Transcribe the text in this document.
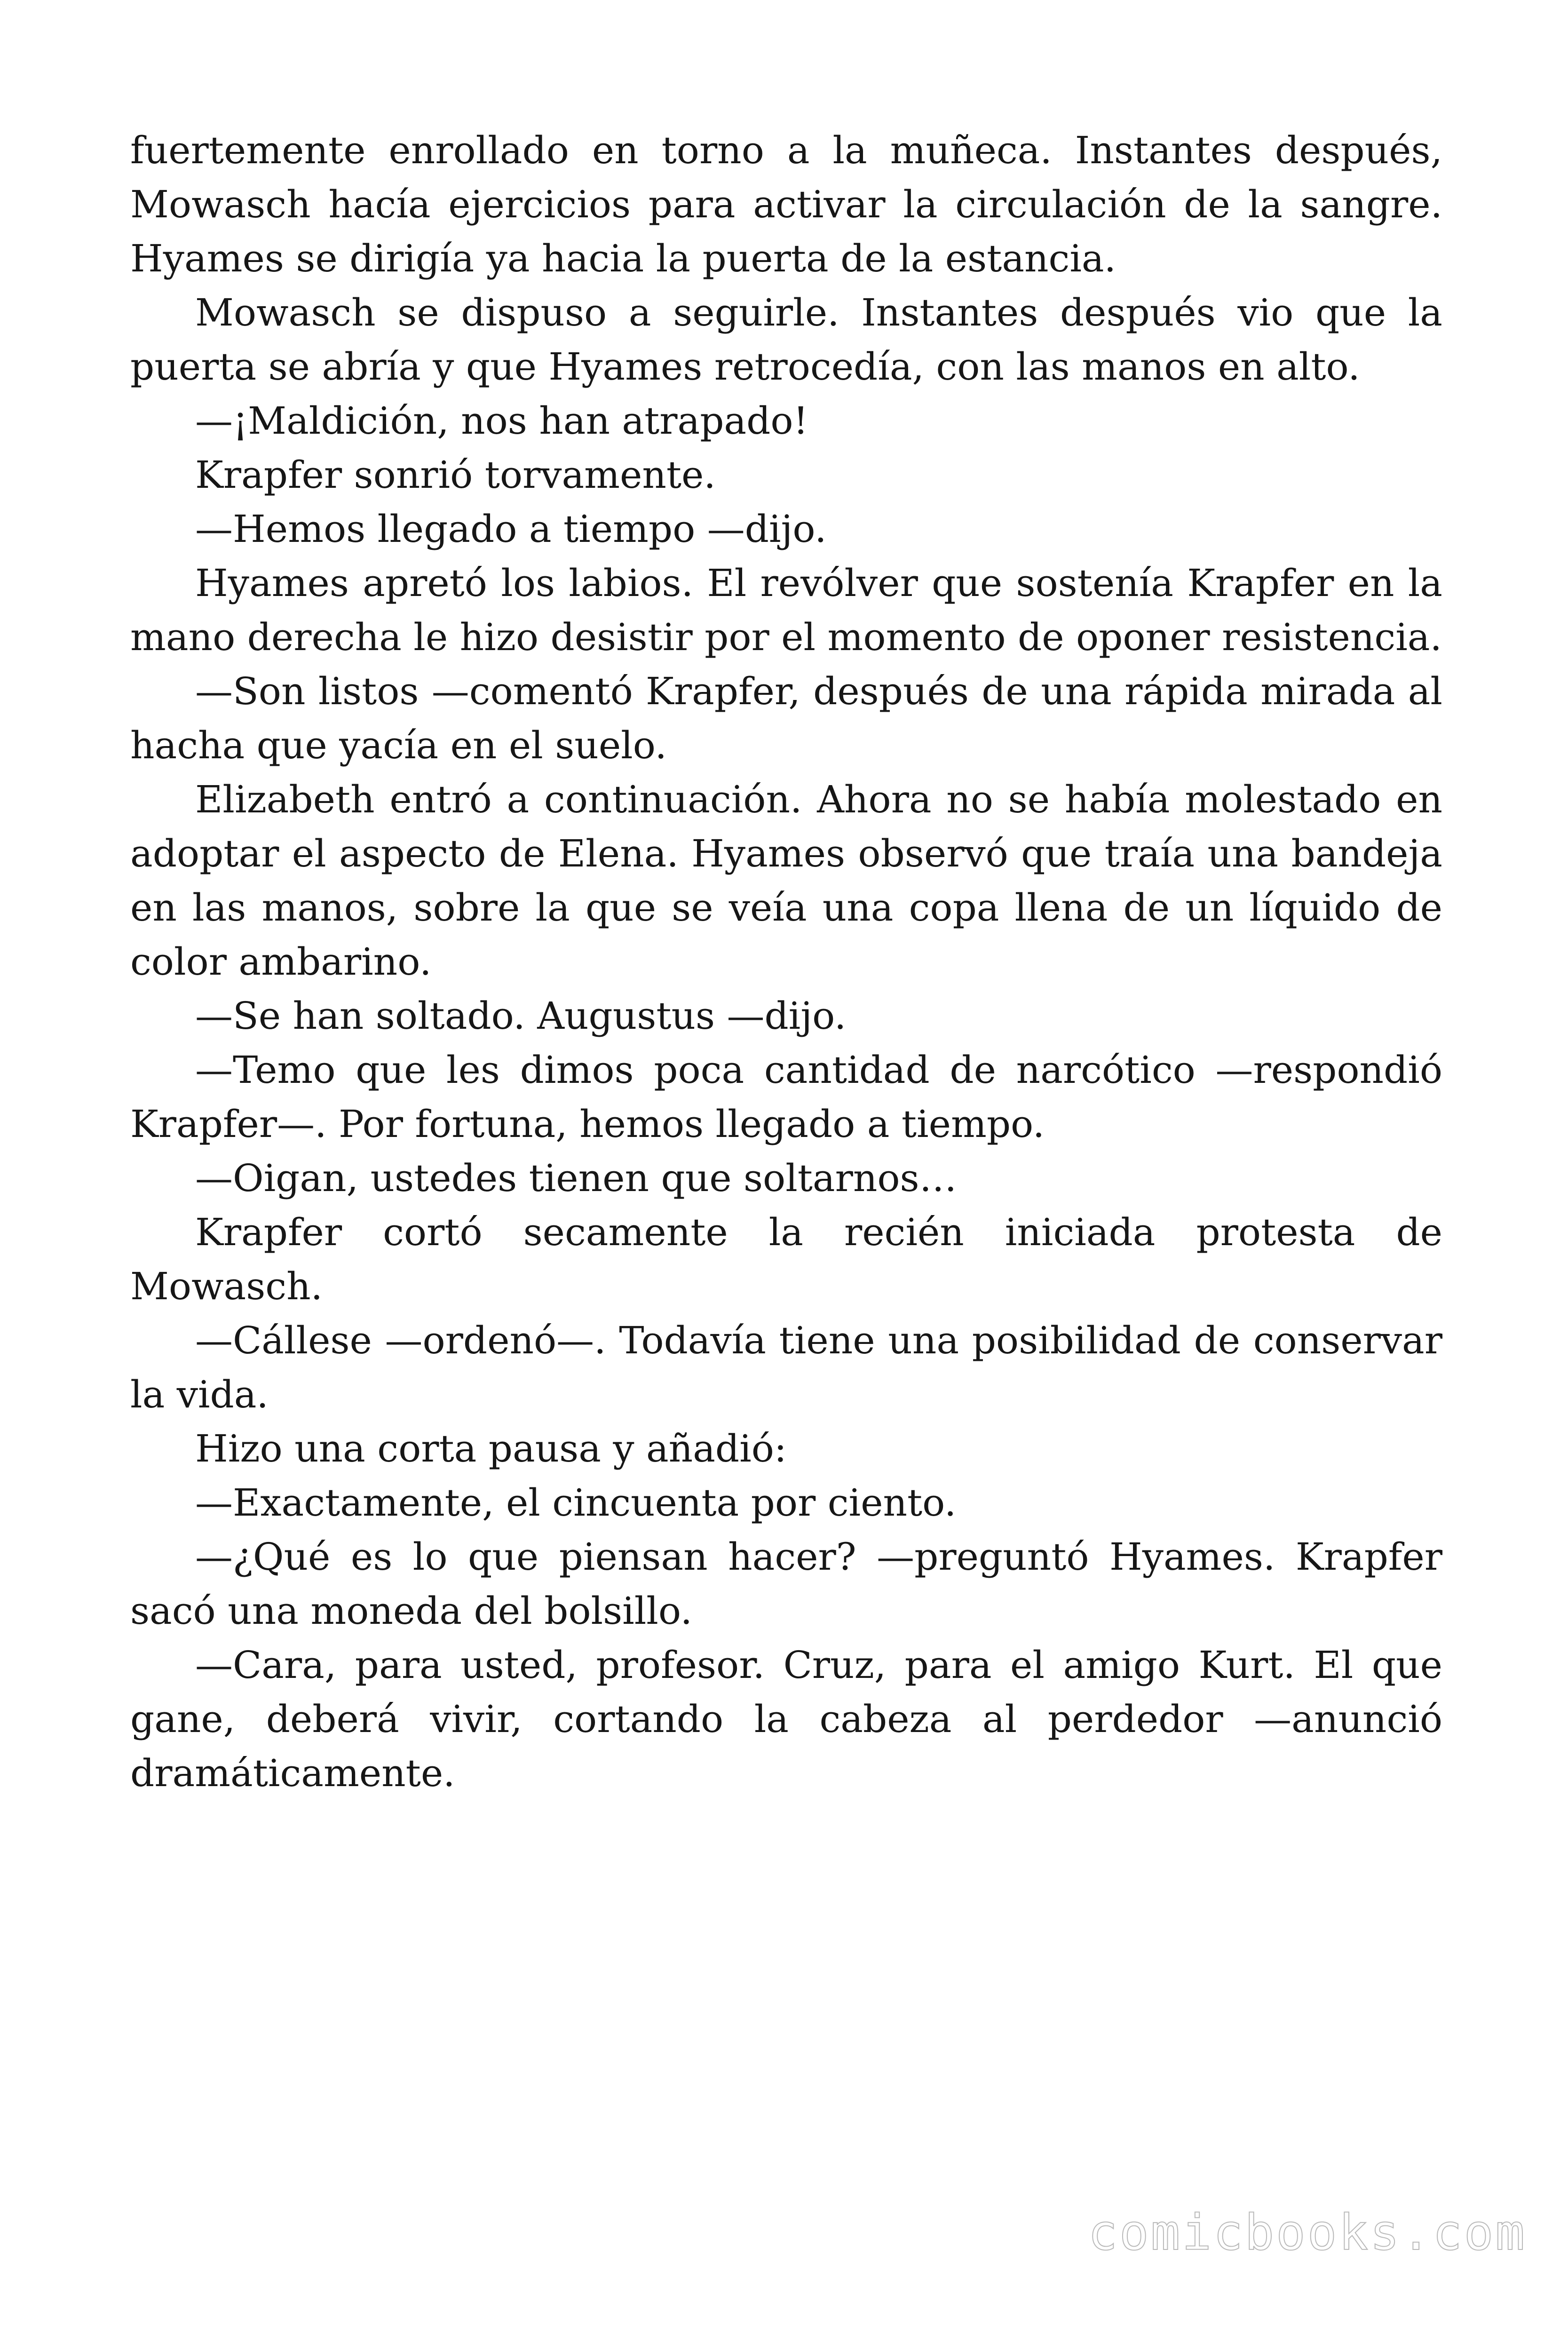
fuertemente enrollado en torno a la muñeca. Instantes después, Mowasch hacía ejercicios para activar la circulación de la sangre. Hyames se dirigía ya hacia la puerta de la estancia.

Mowasch se dispuso a seguirle. Instantes después vio que la puerta se abría y que Hyames retrocedía, con las manos en alto.

—¡Maldición, nos han atrapado!

Krapfer sonrió torvamente.

—Hemos llegado a tiempo —dijo.

Hyames apretó los labios. El revólver que sostenía Krapfer en la mano derecha le hizo desistir por el momento de oponer resistencia.

—Son listos —comentó Krapfer, después de una rápida mirada al hacha que yacía en el suelo.

Elizabeth entró a continuación. Ahora no se había molestado en adoptar el aspecto de Elena. Hyames observó que traía una bandeja en las manos, sobre la que se veía una copa llena de un líquido de color ambarino.

—Se han soltado. Augustus —dijo.

—Temo que les dimos poca cantidad de narcótico —respondió Krapfer—. Por fortuna, hemos llegado a tiempo.

—Oigan, ustedes tienen que soltarnos…

Krapfer cortó secamente la recién iniciada protesta de Mowasch.

—Cállese —ordenó—. Todavía tiene una posibilidad de conservar la vida.

Hizo una corta pausa y añadió:

—Exactamente, el cincuenta por ciento.

—¿Qué es lo que piensan hacer? —preguntó Hyames. Krapfer sacó una moneda del bolsillo.

—Cara, para usted, profesor. Cruz, para el amigo Kurt. El que gane, deberá vivir, cortando la cabeza al perdedor —anunció dramáticamente.

comicbooks.com
